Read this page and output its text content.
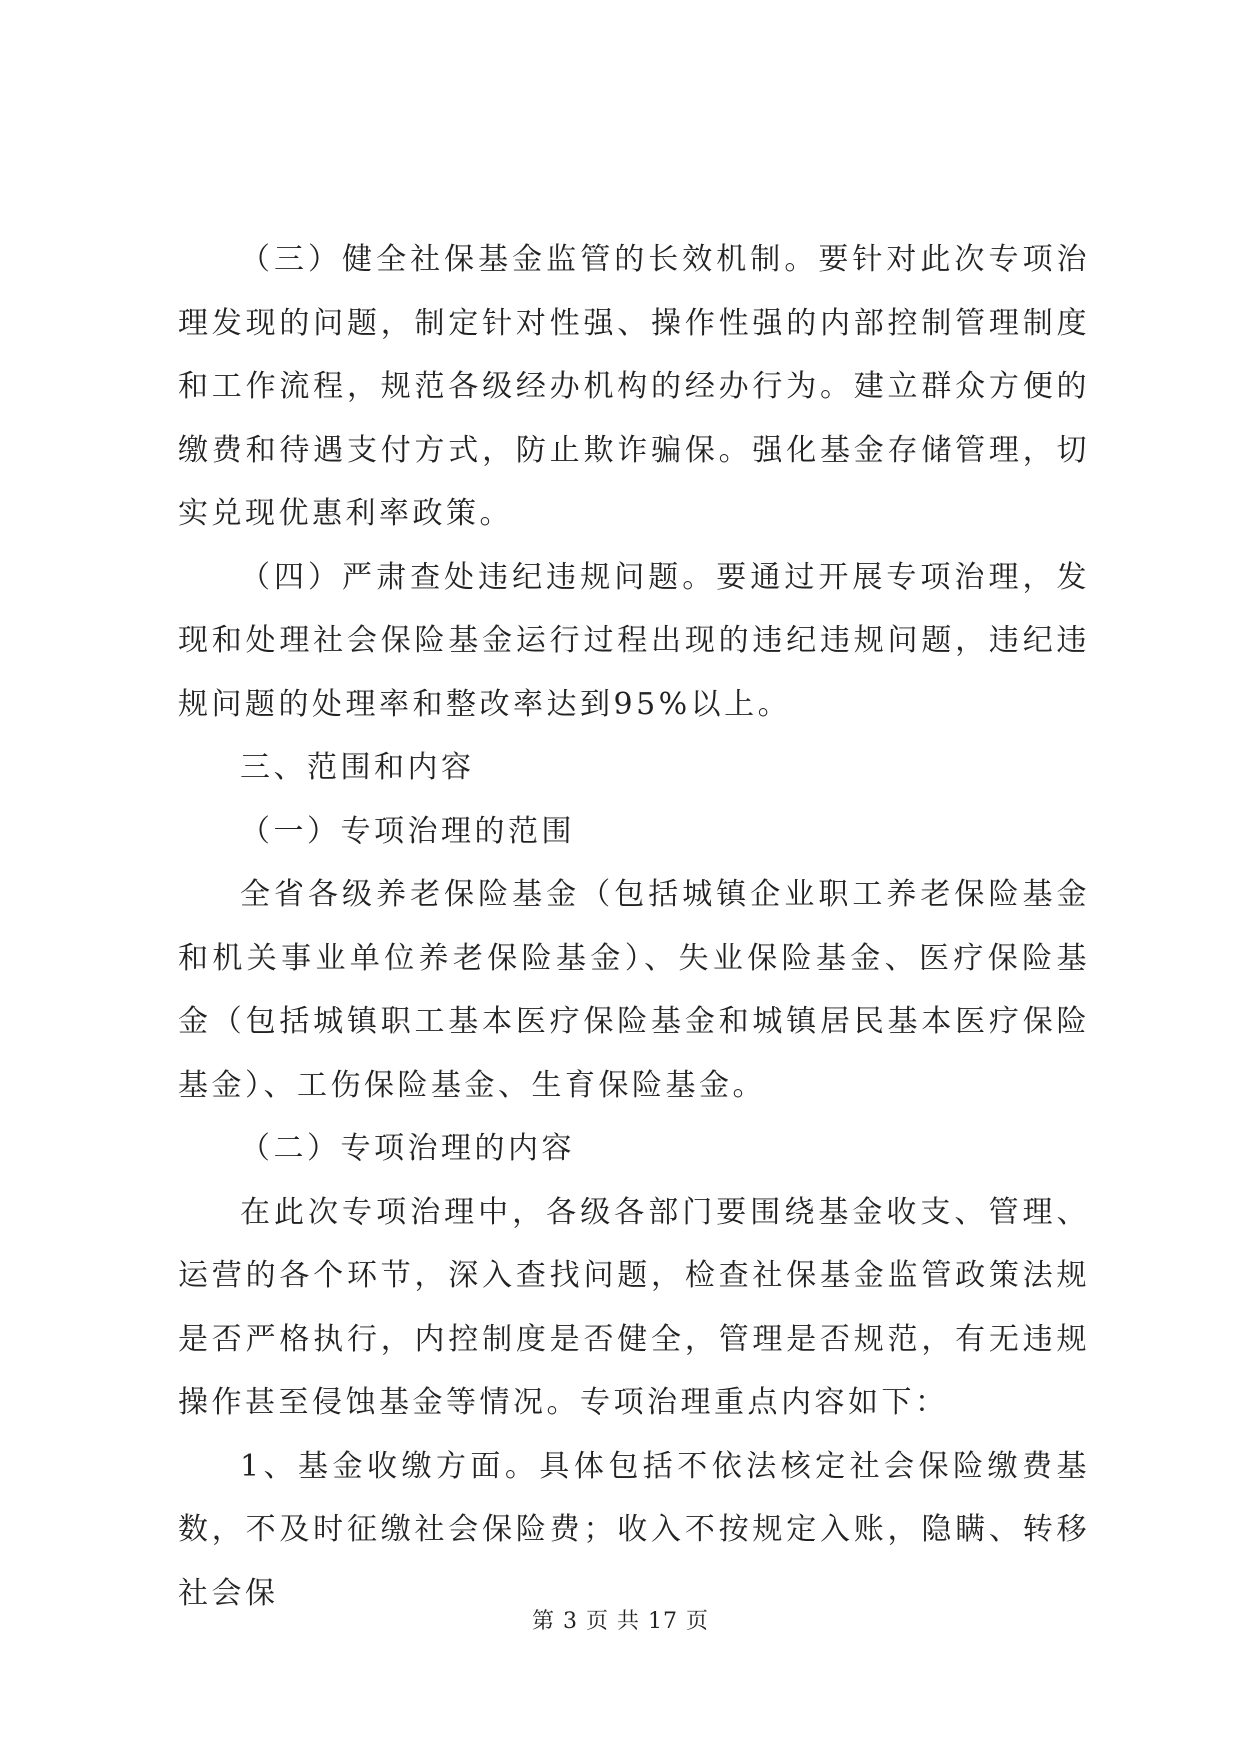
（三）健全社保基金监管的长效机制。要针对此次专项治理发现的问题，制定针对性强、操作性强的内部控制管理制度和工作流程，规范各级经办机构的经办行为。建立群众方便的缴费和待遇支付方式，防止欺诈骗保。强化基金存储管理，切实兑现优惠利率政策。

（四）严肃查处违纪违规问题。要通过开展专项治理，发现和处理社会保险基金运行过程出现的违纪违规问题，违纪违规问题的处理率和整改率达到95%以上。

三、范围和内容

（一）专项治理的范围

全省各级养老保险基金（包括城镇企业职工养老保险基金和机关事业单位养老保险基金）、失业保险基金、医疗保险基金（包括城镇职工基本医疗保险基金和城镇居民基本医疗保险基金）、工伤保险基金、生育保险基金。

（二）专项治理的内容

在此次专项治理中，各级各部门要围绕基金收支、管理、运营的各个环节，深入查找问题，检查社保基金监管政策法规是否严格执行，内控制度是否健全，管理是否规范，有无违规操作甚至侵蚀基金等情况。专项治理重点内容如下：

1、基金收缴方面。具体包括不依法核定社会保险缴费基数，不及时征缴社会保险费；收入不按规定入账，隐瞒、转移社会保

第 3 页 共 17 页
